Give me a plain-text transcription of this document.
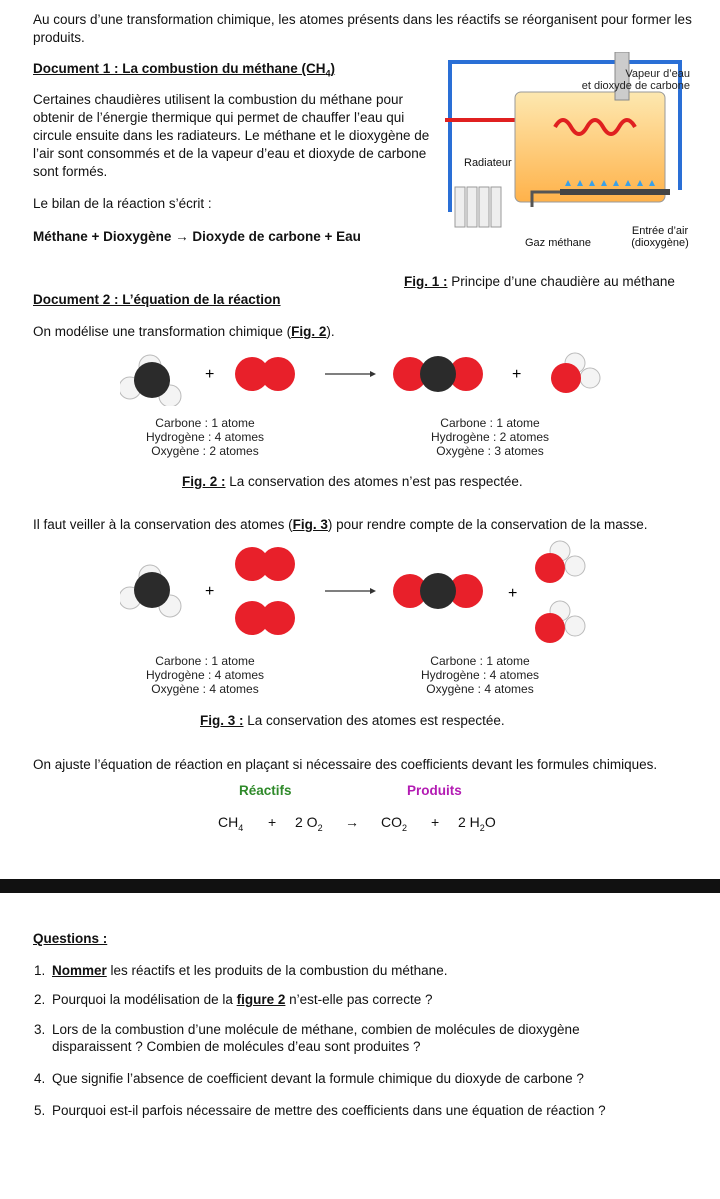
Au cours d’une transformation chimique, les atomes présents dans les réactifs se réorganisent pour former les produits.

Document 1 : La combustion du méthane $(CH_4)$

Certaines chaudières utilisent la combustion du méthane pour obtenir de l’énergie thermique qui permet de chauffer l’eau qui circule ensuite dans les radiateurs. Le méthane et le dioxygène de l’air sont consommés et de la vapeur d’eau et dioxyde de carbone sont formés.

Le bilan de la réaction s’écrit :

Méthane + Dioxygène → Dioxyde de carbone + Eau

Vapeur d’eau
et dioxyde de carbone
Radiateur
Entrée d’air
(dioxygène)
Gaz méthane

Fig. 1 : Principe d’une chaudière au méthane

Document 2 : L’équation de la réaction

On modélise une transformation chimique (Fig. 2).

+	+
Carbone : 1 atome
Hydrogène : 4 atomes
Oxygène : 2 atomes
Carbone : 1 atome
Hydrogène : 2 atomes
Oxygène : 3 atomes

Fig. 2 : La conservation des atomes n’est pas respectée.

Il faut veiller à la conservation des atomes (Fig. 3) pour rendre compte de la conservation de la masse.

+	+
Carbone : 1 atome
Hydrogène : 4 atomes
Oxygène : 4 atomes
Carbone : 1 atome
Hydrogène : 4 atomes
Oxygène : 4 atomes

Fig. 3 : La conservation des atomes est respectée.

On ajuste l’équation de réaction en plaçant si nécessaire des coefficients devant les formules chimiques.

Réactifs	Produits

$CH_4 + 2$ $O_2 \to CO_2 + 2$ $H_2O$

Questions :

1. Nommer les réactifs et les produits de la combustion du méthane.
2. Pourquoi la modélisation de la figure 2 n’est-elle pas correcte ?
3. Lors de la combustion d’une molécule de méthane, combien de molécules de dioxygène disparaissent ? Combien de molécules d’eau sont produites ?
4. Que signifie l’absence de coefficient devant la formule chimique du dioxyde de carbone ?
5. Pourquoi est-il parfois nécessaire de mettre des coefficients dans une équation de réaction ?
